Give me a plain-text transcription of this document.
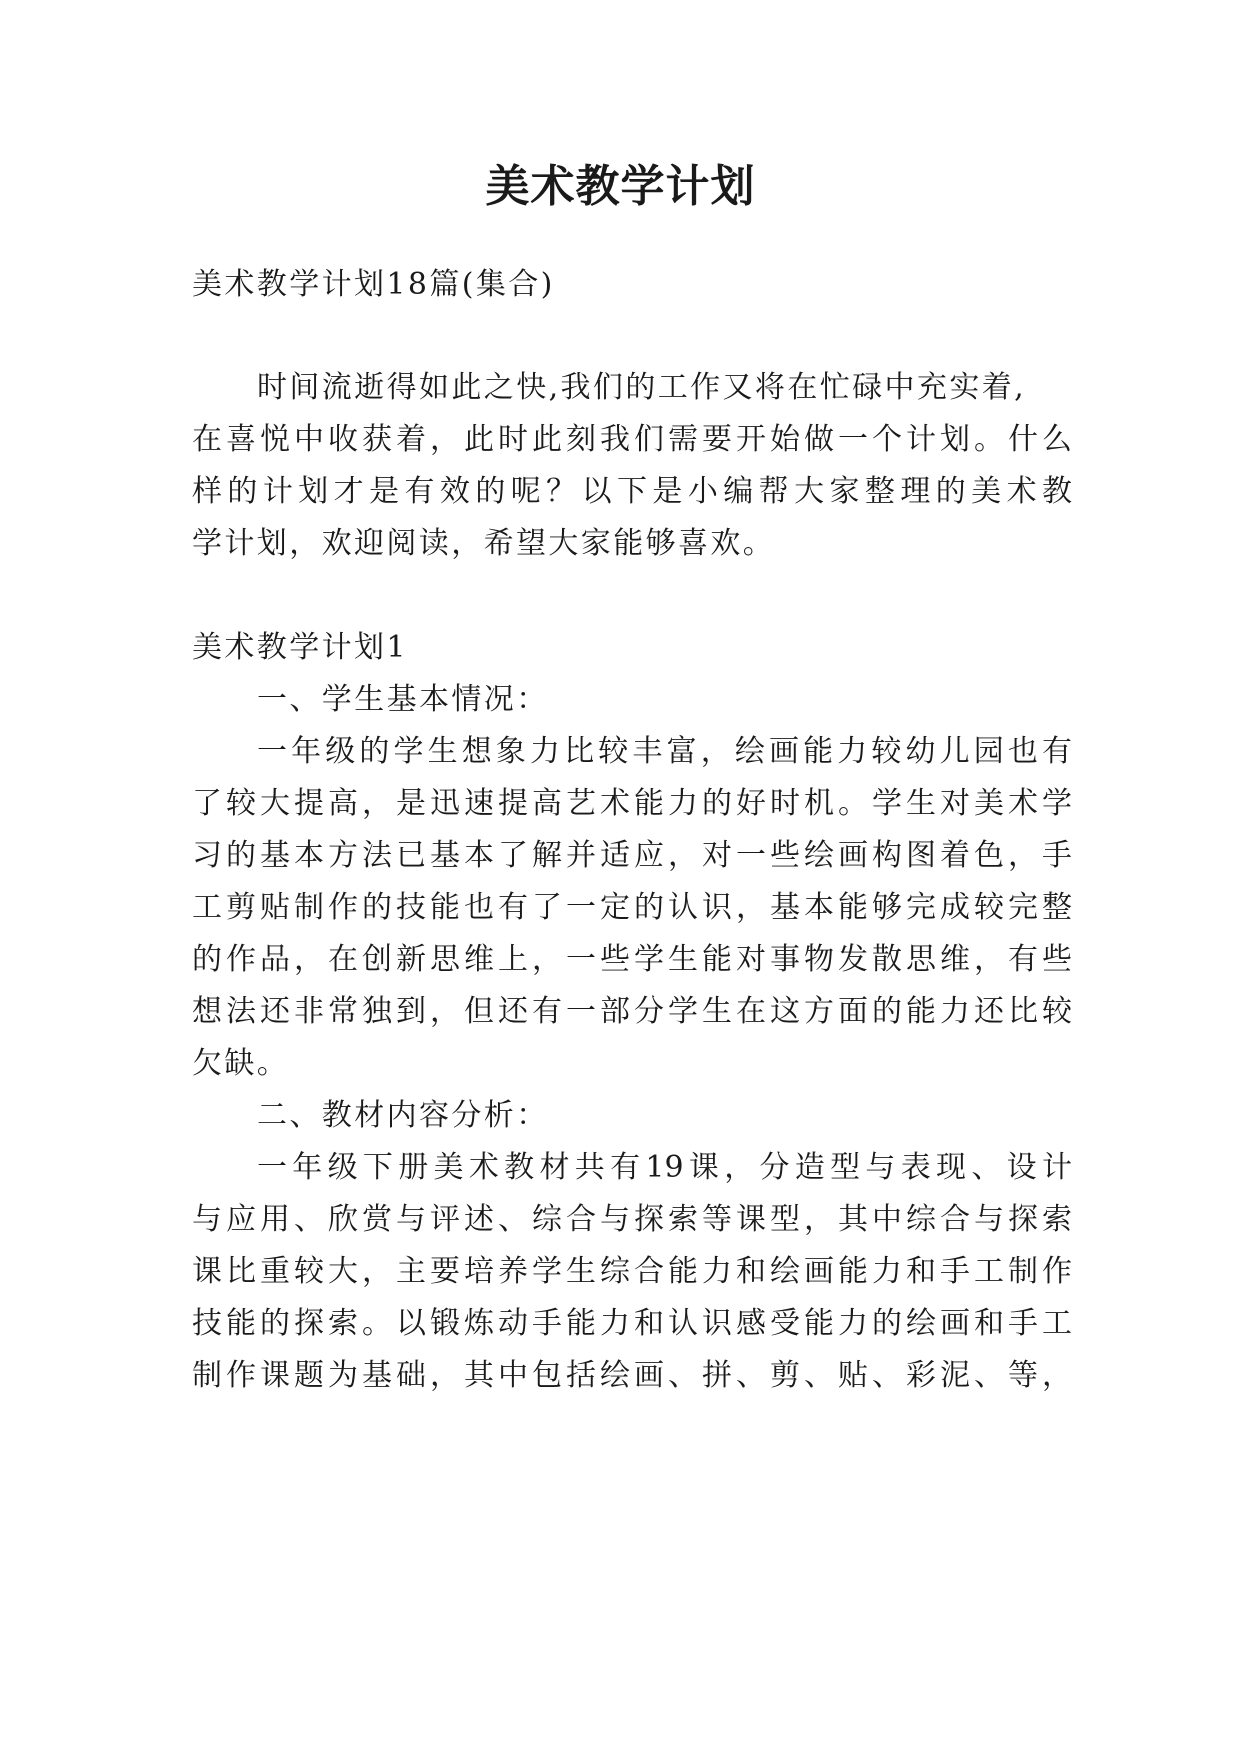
美术教学计划
美术教学计划18篇(集合)
时间流逝得如此之快,我们的工作又将在忙碌中充实着,
在喜悦中收获着，此时此刻我们需要开始做一个计划。什么
样的计划才是有效的呢？以下是小编帮大家整理的美术教
学计划，欢迎阅读，希望大家能够喜欢。
美术教学计划1
一、学生基本情况：
一年级的学生想象力比较丰富，绘画能力较幼儿园也有
了较大提高，是迅速提高艺术能力的好时机。学生对美术学
习的基本方法已基本了解并适应，对一些绘画构图着色，手
工剪贴制作的技能也有了一定的认识，基本能够完成较完整
的作品，在创新思维上，一些学生能对事物发散思维，有些
想法还非常独到，但还有一部分学生在这方面的能力还比较
欠缺。
二、教材内容分析：
一年级下册美术教材共有19课，分造型与表现、设计
与应用、欣赏与评述、综合与探索等课型，其中综合与探索
课比重较大，主要培养学生综合能力和绘画能力和手工制作
技能的探索。以锻炼动手能力和认识感受能力的绘画和手工
制作课题为基础，其中包括绘画、拼、剪、贴、彩泥、等，
